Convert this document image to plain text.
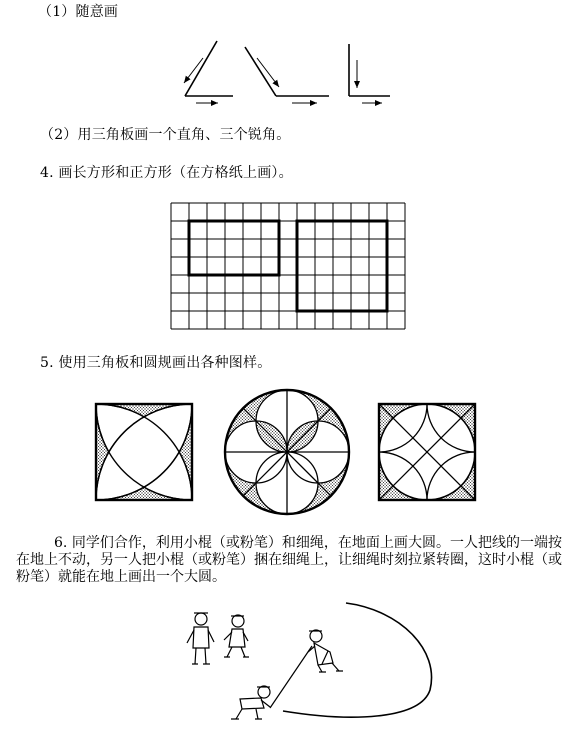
（1）随意画
（2）用三角板画一个直角、三个锐角。
4. 画长方形和正方形（在方格纸上画）。
5. 使用三角板和圆规画出各种图样。
6. 同学们合作，利用小棍（或粉笔）和细绳，在地面上画大圆。一人把线的一端按在地上不动，另一人把小棍（或粉笔）捆在细绳上，让细绳时刻拉紧转圈，这时小棍（或粉笔）就能在地上画出一个大圆。
